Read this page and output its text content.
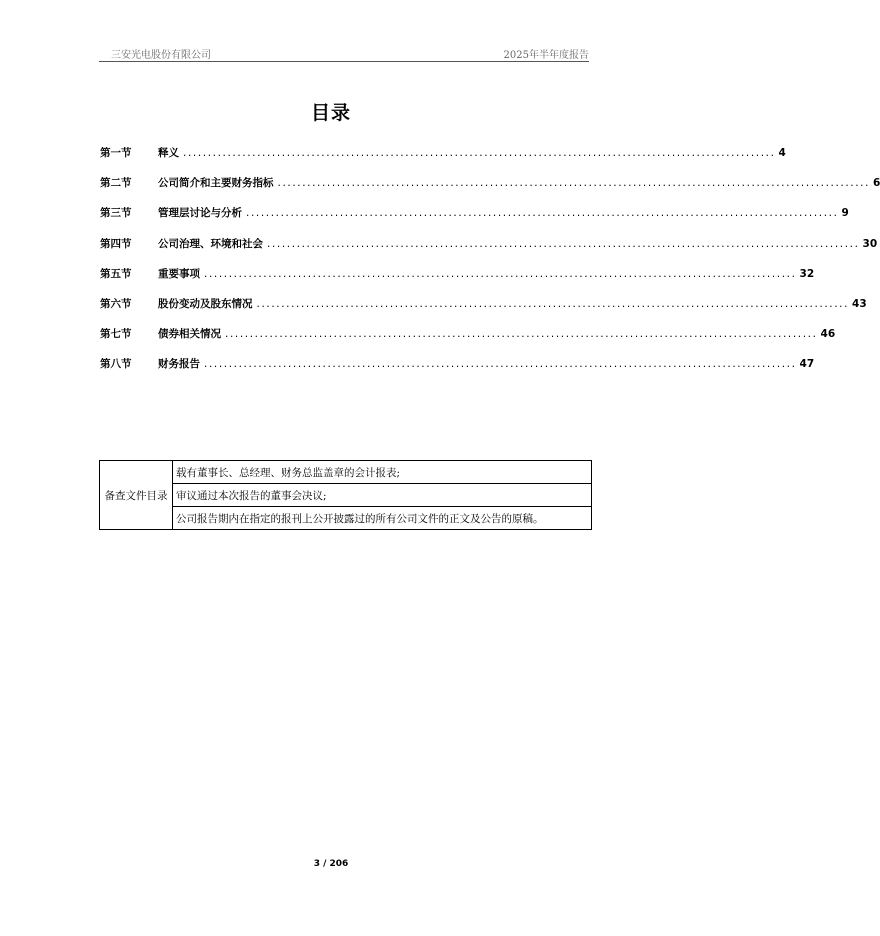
三安光电股份有限公司	2025年半年度报告
目录
第一节	释义 ........................................................................................................................ 4
第二节	公司简介和主要财务指标 ........................................................................................................................ 6
第三节	管理层讨论与分析 ........................................................................................................................ 9
第四节	公司治理、环境和社会 ........................................................................................................................ 30
第五节	重要事项 ........................................................................................................................ 32
第六节	股份变动及股东情况 ........................................................................................................................ 43
第七节	债券相关情况 ........................................................................................................................ 46
第八节	财务报告 ........................................................................................................................ 47
备查文件目录	载有董事长、总经理、财务总监盖章的会计报表;
审议通过本次报告的董事会决议;
公司报告期内在指定的报刊上公开披露过的所有公司文件的正文及公告的原稿。
3 / 206
